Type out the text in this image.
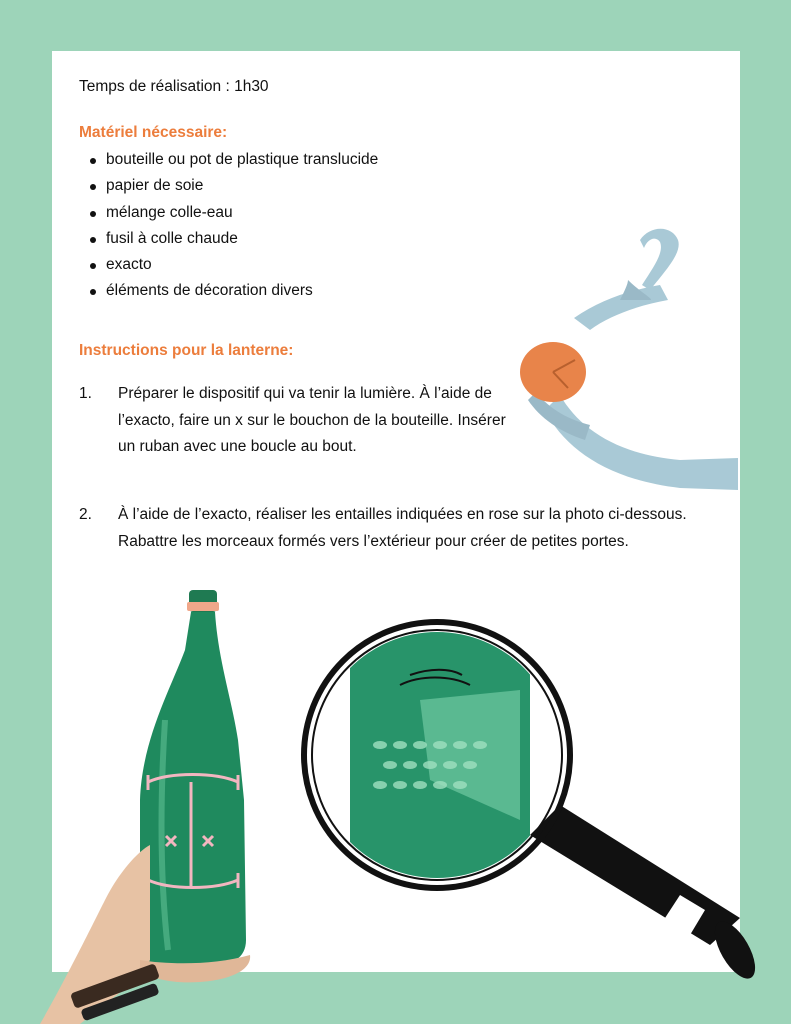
Temps de réalisation : 1h30
Matériel nécessaire:
bouteille ou pot de plastique translucide
papier de soie
mélange colle-eau
fusil à colle chaude
exacto
éléments de décoration divers
Instructions pour la lanterne:
1.	Préparer le dispositif qui va tenir la lumière. À l’aide de l’exacto, faire un x sur le bouchon de la bouteille. Insérer un ruban avec une boucle au bout.
2.	À l’aide de l’exacto, réaliser les entailles indiquées en rose sur la photo ci-dessous. Rabattre les morceaux formés vers l’extérieur pour créer de petites portes.
